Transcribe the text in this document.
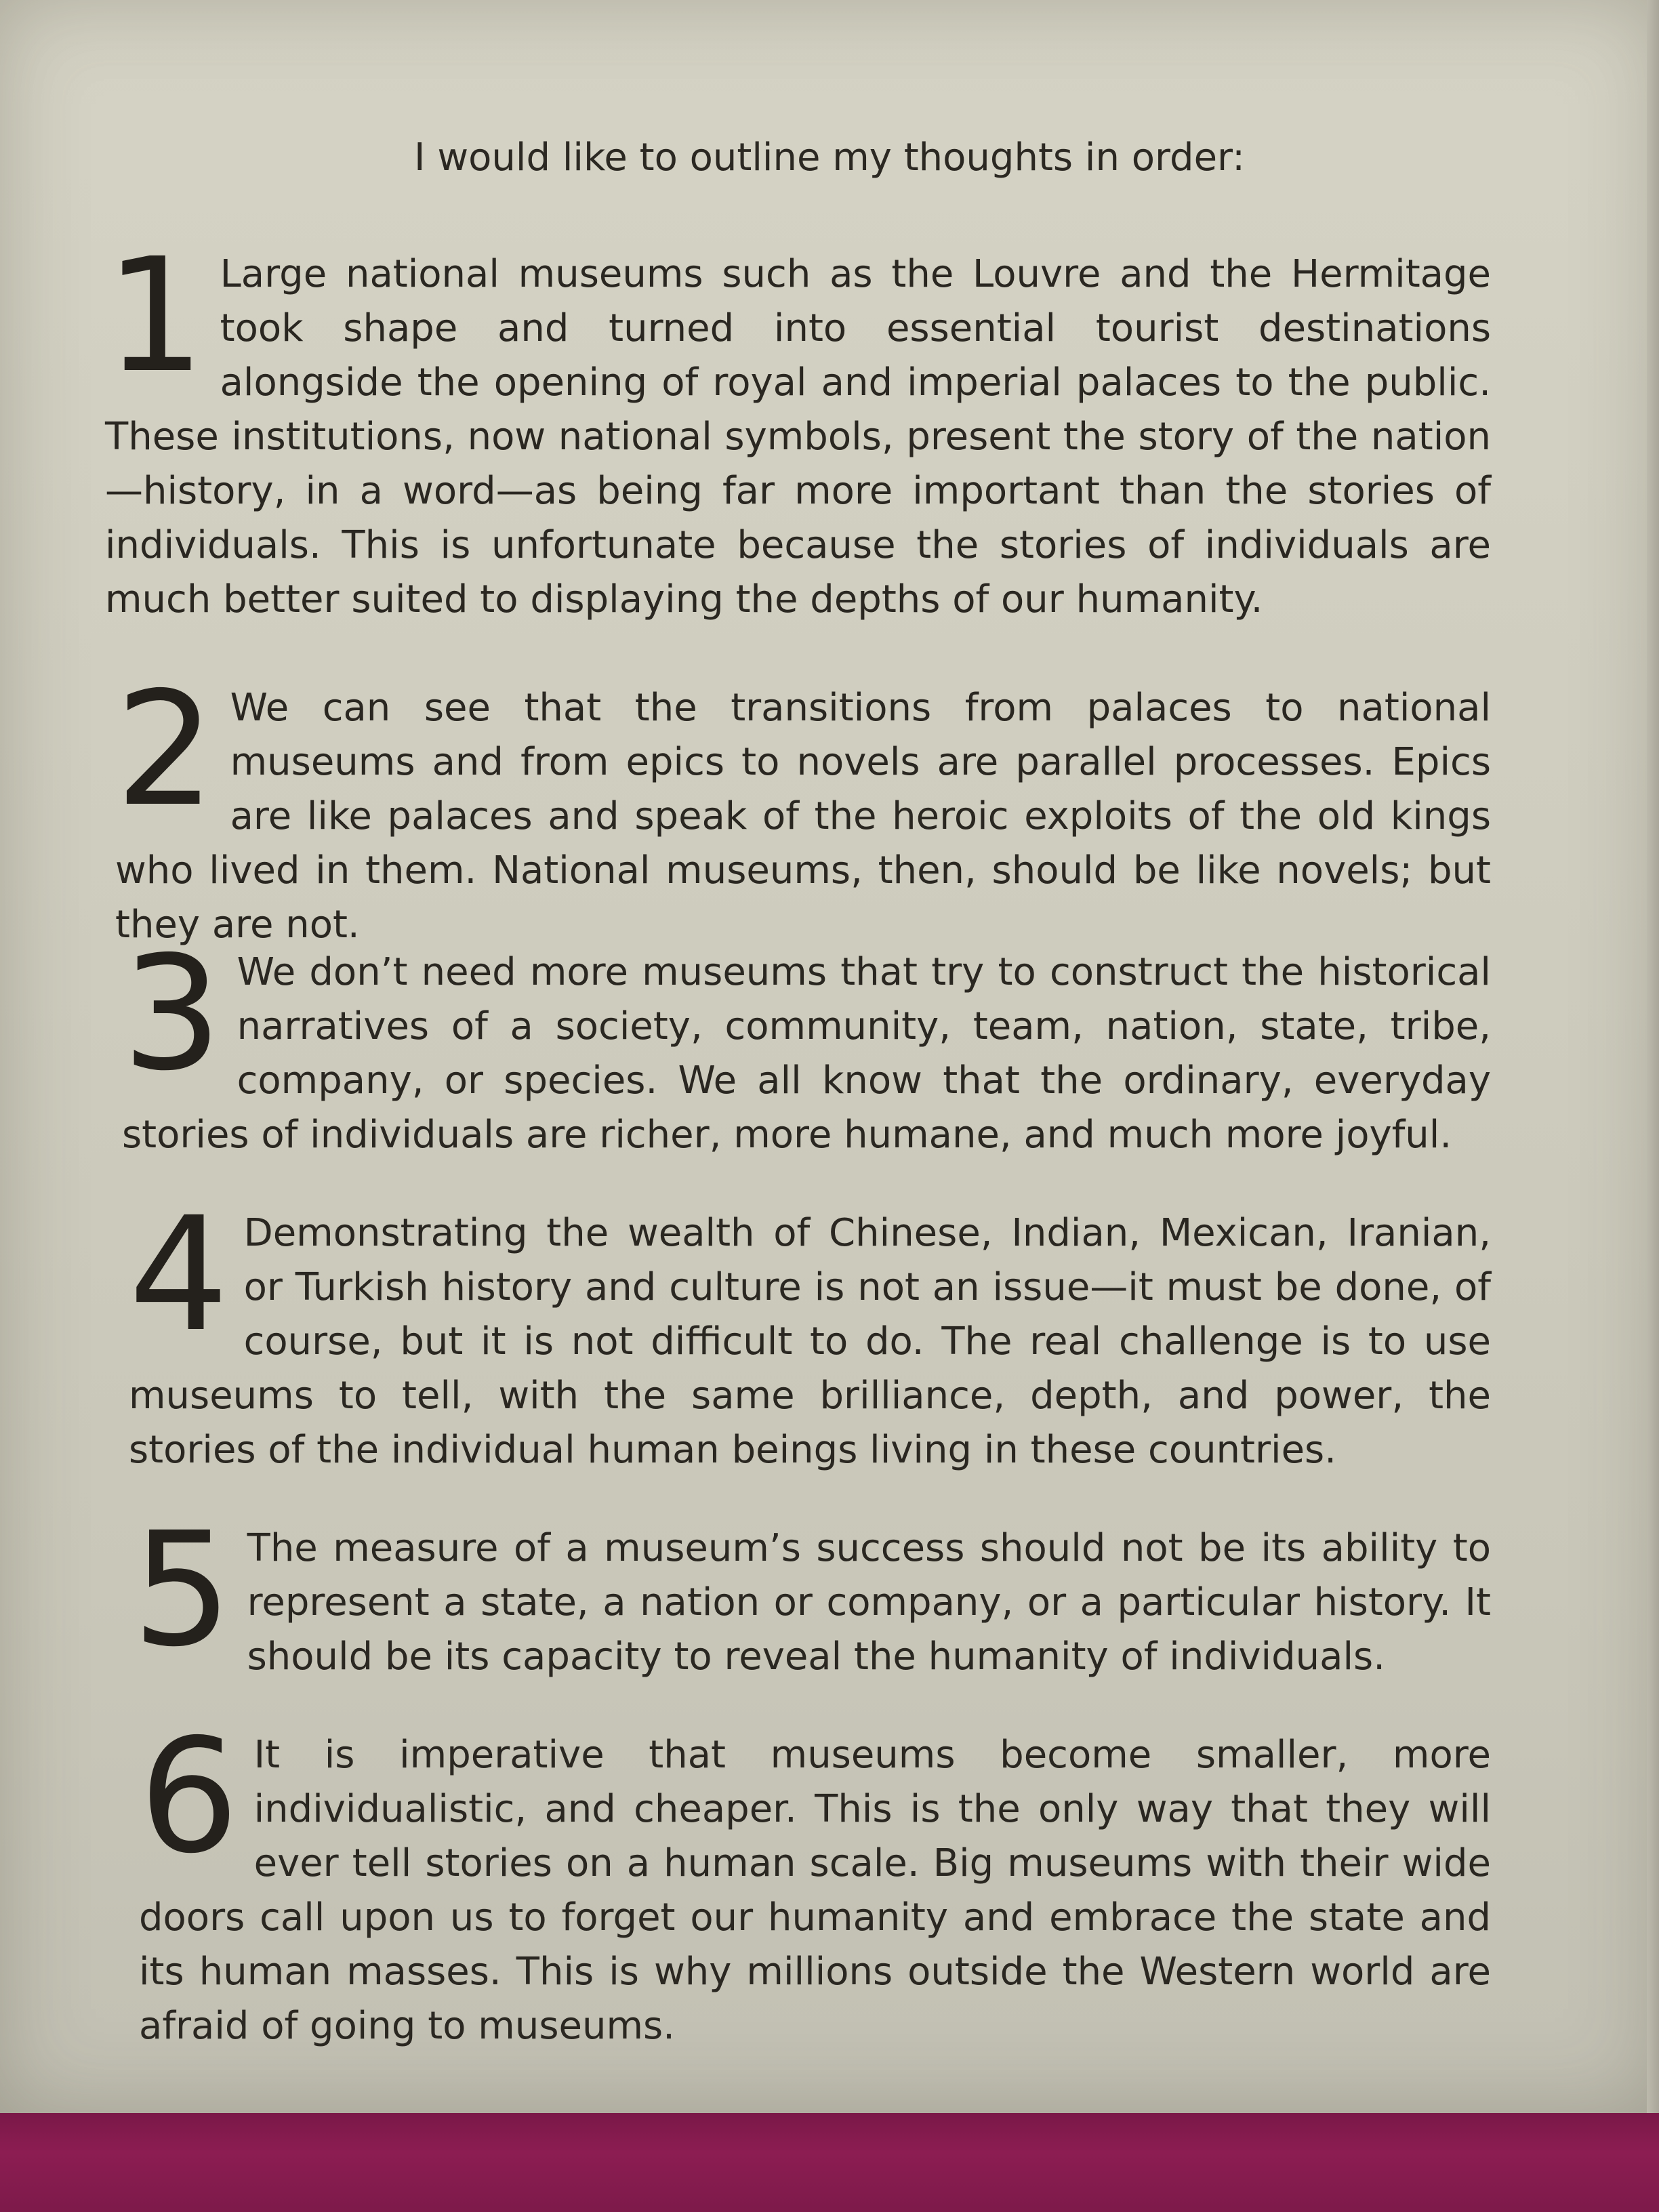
I would like to outline my thoughts in order:
1 Large national museums such as the Louvre and the Hermitage took shape and turned into essential tourist destinations alongside the opening of royal and imperial palaces to the public. These institutions, now national symbols, present the story of the nation—history, in a word—as being far more important than the stories of individuals. This is unfortunate because the stories of individuals are much better suited to displaying the depths of our humanity.
2 We can see that the transitions from palaces to national museums and from epics to novels are parallel processes. Epics are like palaces and speak of the heroic exploits of the old kings who lived in them. National museums, then, should be like novels; but they are not.
3 We don’t need more museums that try to construct the historical narratives of a society, community, team, nation, state, tribe, company, or species. We all know that the ordinary, everyday stories of individuals are richer, more humane, and much more joyful.
4 Demonstrating the wealth of Chinese, Indian, Mexican, Iranian, or Turkish history and culture is not an issue—it must be done, of course, but it is not difficult to do. The real challenge is to use museums to tell, with the same brilliance, depth, and power, the stories of the individual human beings living in these countries.
5 The measure of a museum’s success should not be its ability to represent a state, a nation or company, or a particular history. It should be its capacity to reveal the humanity of individuals.
6 It is imperative that museums become smaller, more individualistic, and cheaper. This is the only way that they will ever tell stories on a human scale. Big museums with their wide doors call upon us to forget our humanity and embrace the state and its human masses. This is why millions outside the Western world are afraid of going to museums.
